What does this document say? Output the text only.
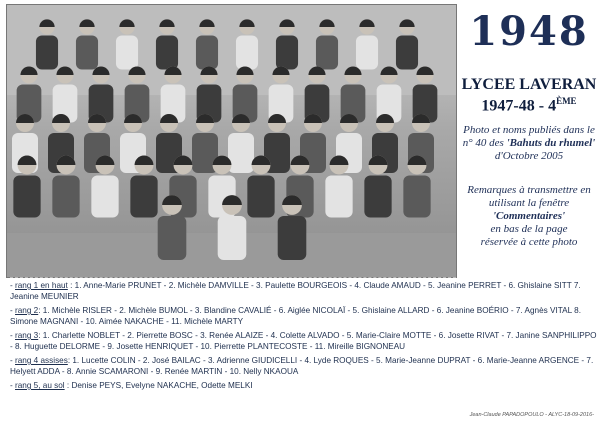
1948
LYCEE LAVERAN
1947-48 - 4ÈME
Photo et noms publiés dans le
n° 40 des 'Bahuts du rhumel'
d'Octobre 2005
Remarques à transmettre en
utilisant la fenêtre
'Commentaires'
en bas de la page
réservée à cette photo
- rang 1 en haut : 1. Anne-Marie PRUNET - 2. Michèle DAMVILLE - 3. Paulette BOURGEOIS - 4. Claude AMAUD - 5. Jeanine PERRET - 6. Ghislaine SITT 7. Jeanine MEUNIER
- rang 2: 1. Michèle RISLER - 2. Michèle BUMOL - 3. Blandine CAVALIÉ - 6. Aiglée NICOLAÏ - 5. Ghislaine ALLARD - 6. Jeanine BOÉRIO - 7. Agnès VITAL 8. Simone MAGNANI - 10. Aimée NAKACHE - 11. Michèle MARTY
- rang 3: 1. Charlette NOBLET - 2. Pierrette BOSC - 3. Renée ALAIZE - 4. Colette ALVADO - 5. Marie-Claire MOTTE - 6. Josette RIVAT - 7. Janine SANPHILIPPO - 8. Huguette DELORME - 9. Josette HENRIQUET - 10. Pierrette PLANTECOSTE - 11. Mireille BIGNONEAU
- rang 4 assises: 1. Lucette COLIN - 2. José BAILAC - 3. Adrienne GIUDICELLI - 4. Lyde ROQUES - 5. Marie-Jeanne DUPRAT - 6. Marie-Jeanne ARGENCE - 7. Helyett ADDA - 8. Annie SCAMARONI - 9. Renée MARTIN - 10. Nelly NKAOUA
- rang 5, au sol : Denise PEYS, Evelyne NAKACHE, Odette MELKI
Jean-Claude PAPADOPOULO - ALYC-18-09-2016-
